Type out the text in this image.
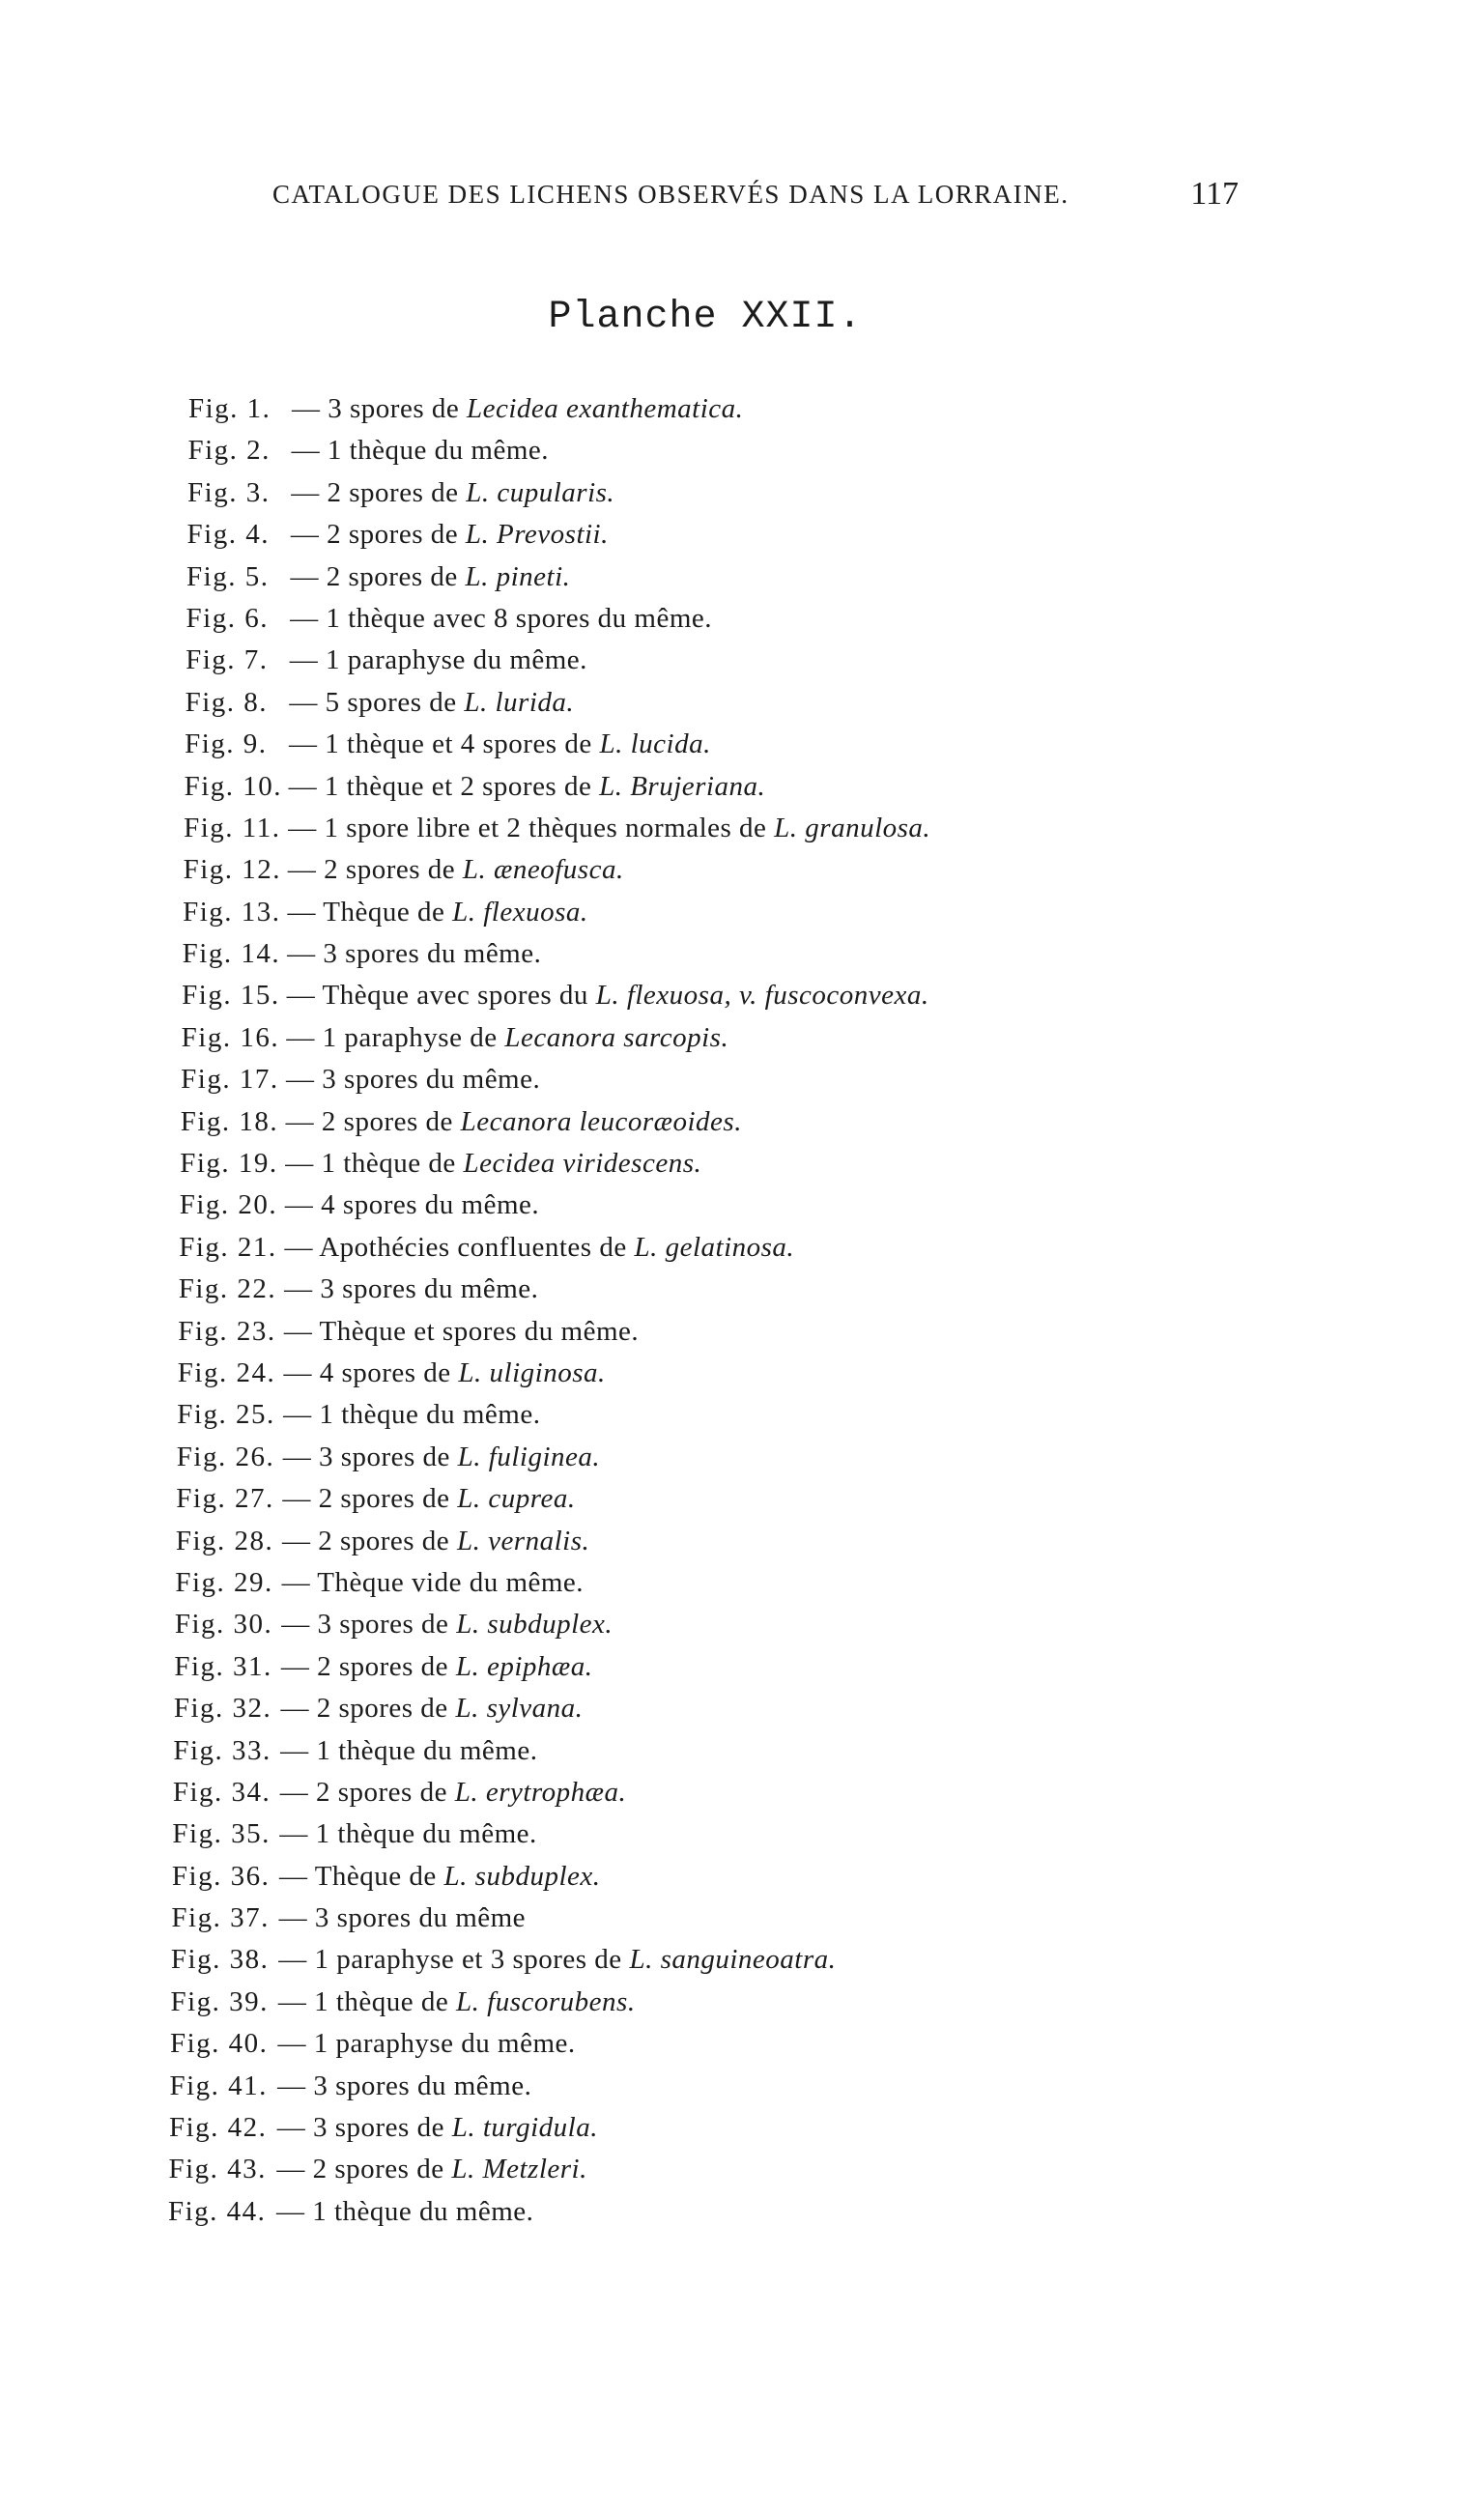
CATALOGUE DES LICHENS OBSERVÉS DANS LA LORRAINE.	117
Planche XXII.
Fig. 1. — 3 spores de Lecidea exanthematica.
Fig. 2. — 1 thèque du même.
Fig. 3. — 2 spores de L. cupularis.
Fig. 4. — 2 spores de L. Prevostii.
Fig. 5. — 2 spores de L. pineti.
Fig. 6. — 1 thèque avec 8 spores du même.
Fig. 7. — 1 paraphyse du même.
Fig. 8. — 5 spores de L. lurida.
Fig. 9. — 1 thèque et 4 spores de L. lucida.
Fig. 10. — 1 thèque et 2 spores de L. Brujeriana.
Fig. 11. — 1 spore libre et 2 thèques normales de L. granulosa.
Fig. 12. — 2 spores de L. æneofusca.
Fig. 13. — Thèque de L. flexuosa.
Fig. 14. — 3 spores du même.
Fig. 15. — Thèque avec spores du L. flexuosa, v. fuscoconvexa.
Fig. 16. — 1 paraphyse de Lecanora sarcopis.
Fig. 17. — 3 spores du même.
Fig. 18. — 2 spores de Lecanora leucoræoides.
Fig. 19. — 1 thèque de Lecidea viridescens.
Fig. 20. — 4 spores du même.
Fig. 21. — Apothécies confluentes de L. gelatinosa.
Fig. 22. — 3 spores du même.
Fig. 23. — Thèque et spores du même.
Fig. 24. — 4 spores de L. uliginosa.
Fig. 25. — 1 thèque du même.
Fig. 26. — 3 spores de L. fuliginea.
Fig. 27. — 2 spores de L. cuprea.
Fig. 28. — 2 spores de L. vernalis.
Fig. 29. — Thèque vide du même.
Fig. 30. — 3 spores de L. subduplex.
Fig. 31. — 2 spores de L. epiphæa.
Fig. 32. — 2 spores de L. sylvana.
Fig. 33. — 1 thèque du même.
Fig. 34. — 2 spores de L. erytrophæa.
Fig. 35. — 1 thèque du même.
Fig. 36. — Thèque de L. subduplex.
Fig. 37. — 3 spores du même
Fig. 38. — 1 paraphyse et 3 spores de L. sanguineoatra.
Fig. 39. — 1 thèque de L. fuscorubens.
Fig. 40. — 1 paraphyse du même.
Fig. 41. — 3 spores du même.
Fig. 42. — 3 spores de L. turgidula.
Fig. 43. — 2 spores de L. Metzleri.
Fig. 44. — 1 thèque du même.
